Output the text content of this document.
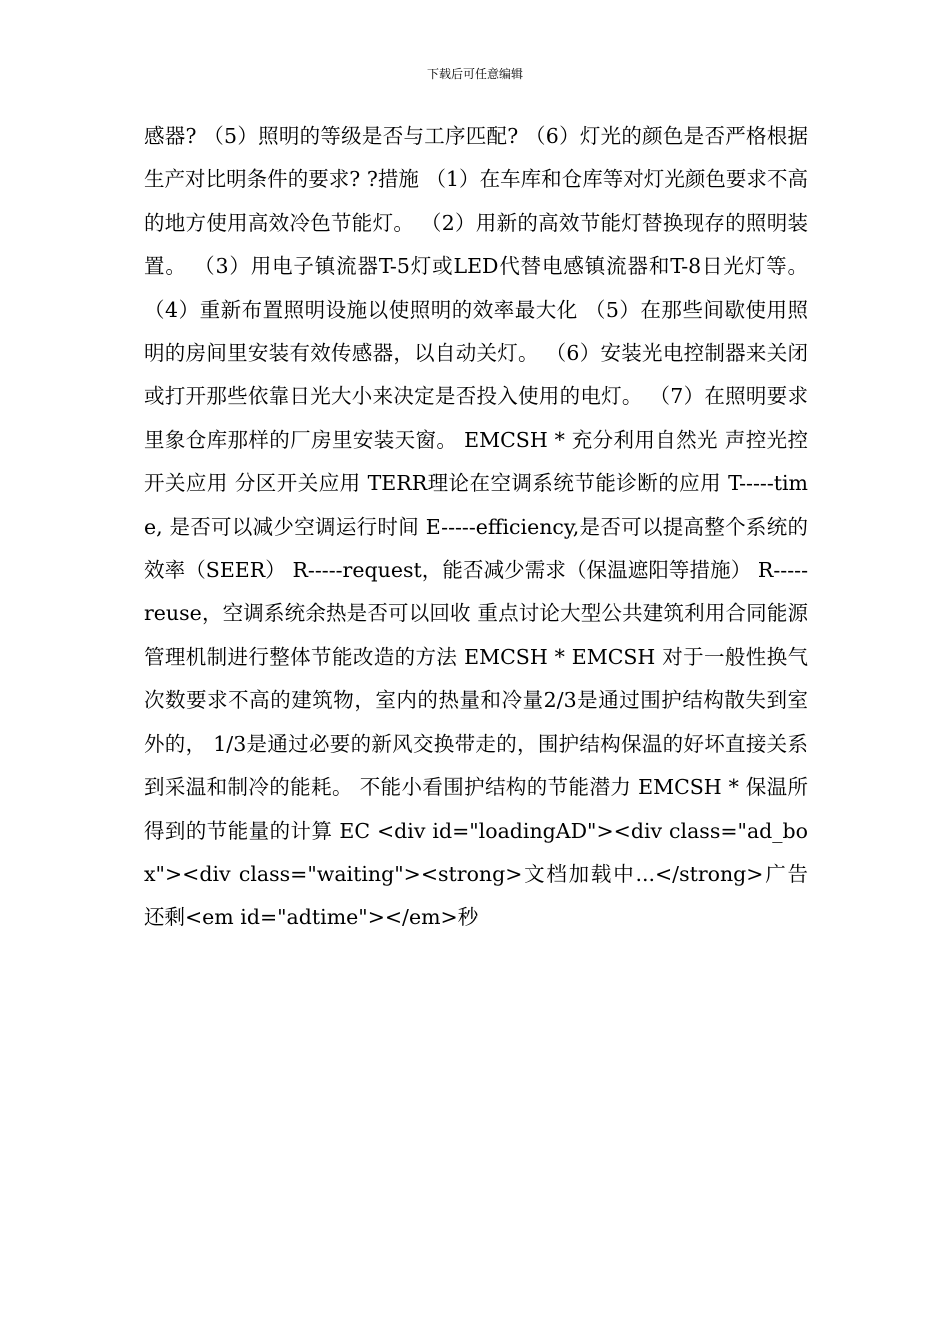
下载后可任意编辑

感器? （5）照明的等级是否与工序匹配? （6）灯光的颜色是否严格根据生产对比明条件的要求? ?措施 （1）在车库和仓库等对灯光颜色要求不高的地方使用高效冷色节能灯。 （2）用新的高效节能灯替换现存的照明装置。 （3）用电子镇流器T-5灯或LED代替电感镇流器和T-8日光灯等。 （4）重新布置照明设施以使照明的效率最大化 （5）在那些间歇使用照明的房间里安装有效传感器，以自动关灯。 （6）安装光电控制器来关闭或打开那些依靠日光大小来决定是否投入使用的电灯。 （7）在照明要求里象仓库那样的厂房里安装天窗。 EMCSH * 充分利用自然光 声控光控开关应用 分区开关应用 TERR理论在空调系统节能诊断的应用 T-----time, 是否可以减少空调运行时间 E-----efficiency,是否可以提高整个系统的效率（SEER） R-----request，能否减少需求（保温遮阳等措施） R-----reuse，空调系统余热是否可以回收 重点讨论大型公共建筑利用合同能源管理机制进行整体节能改造的方法 EMCSH * EMCSH 对于一般性换气次数要求不高的建筑物，室内的热量和冷量2/3是通过围护结构散失到室外的， 1/3是通过必要的新风交换带走的，围护结构保温的好坏直接关系到采温和制冷的能耗。 不能小看围护结构的节能潜力 EMCSH * 保温所得到的节能量的计算 EC <div id="loadingAD"><div class="ad_box"><div class="waiting"><strong>文档加载中...</strong>广告还剩<em id="adtime"></em>秒
